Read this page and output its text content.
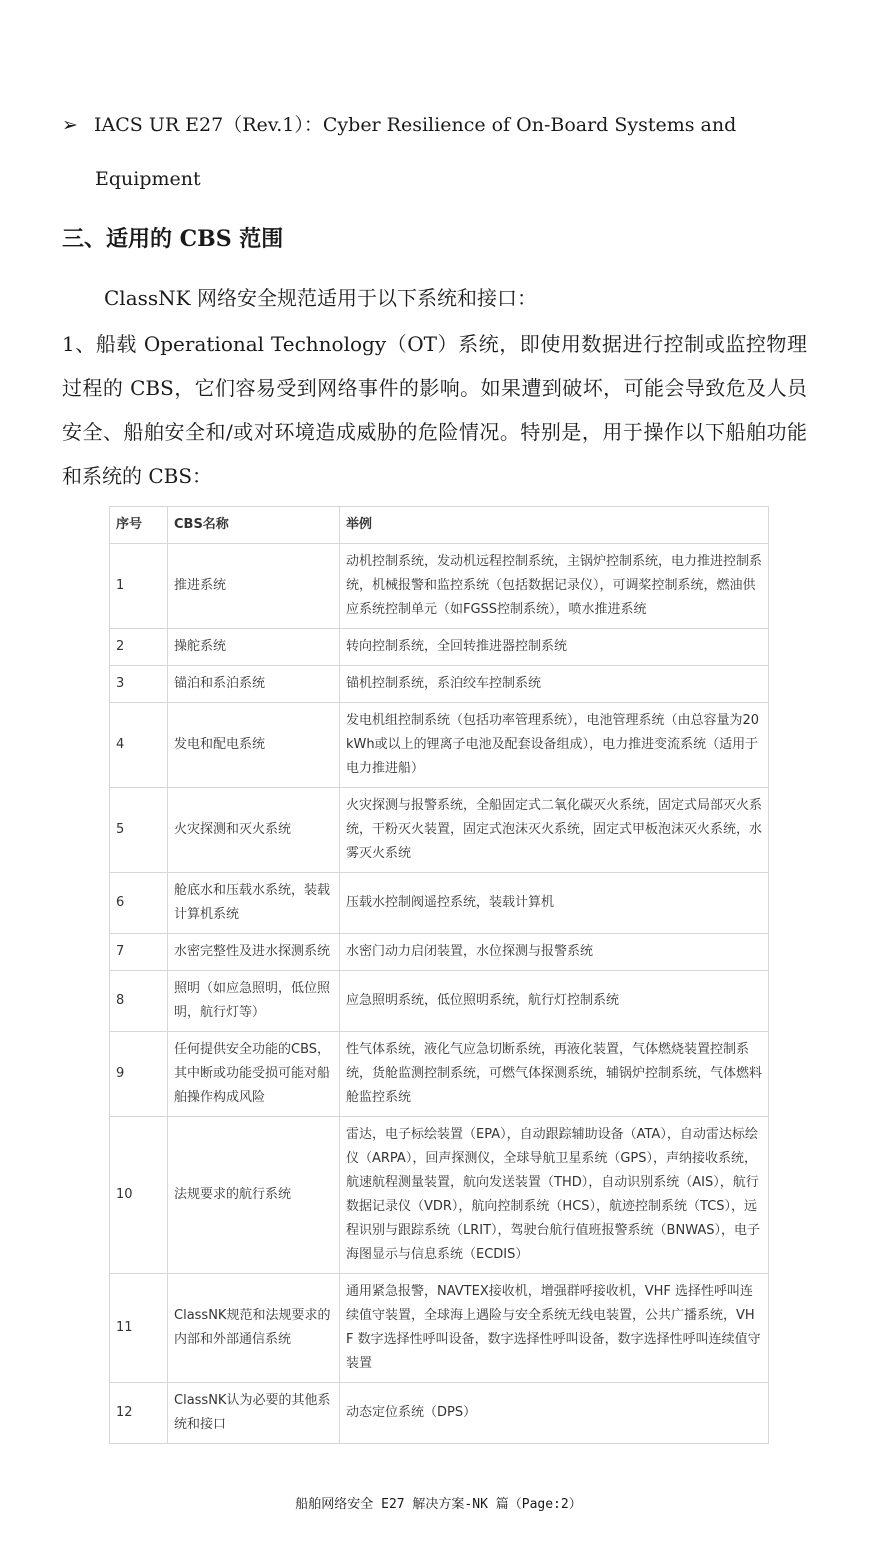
➢ IACS UR E27（Rev.1）：Cyber Resilience of On-Board Systems and
Equipment
三、适用的 CBS 范围

ClassNK 网络安全规范适用于以下系统和接口：

1、船载 Operational Technology（OT）系统，即使用数据进行控制或监控物理过程的 CBS，它们容易受到网络事件的影响。如果遭到破坏，可能会导致危及人员安全、船舶安全和/或对环境造成威胁的危险情况。特别是，用于操作以下船舶功能和系统的 CBS：

序号	CBS名称	举例
1	推进系统	动机控制系统，发动机远程控制系统，主锅炉控制系统，电力推进控制系统，机械报警和监控系统（包括数据记录仪），可调桨控制系统，燃油供应系统控制单元（如FGSS控制系统），喷水推进系统
2	操舵系统	转向控制系统，全回转推进器控制系统
3	锚泊和系泊系统	锚机控制系统，系泊绞车控制系统
4	发电和配电系统	发电机组控制系统（包括功率管理系统），电池管理系统（由总容量为20kWh或以上的锂离子电池及配套设备组成），电力推进变流系统（适用于电力推进船）
5	火灾探测和灭火系统	火灾探测与报警系统，全船固定式二氧化碳灭火系统，固定式局部灭火系统，干粉灭火装置，固定式泡沫灭火系统，固定式甲板泡沫灭火系统，水雾灭火系统
6	舱底水和压载水系统，装载计算机系统	压载水控制阀遥控系统，装载计算机
7	水密完整性及进水探测系统	水密门动力启闭装置，水位探测与报警系统
8	照明（如应急照明，低位照明，航行灯等）	应急照明系统，低位照明系统，航行灯控制系统
9	任何提供安全功能的CBS，其中断或功能受损可能对船舶操作构成风险	性气体系统，液化气应急切断系统，再液化装置，气体燃烧装置控制系统，货舱监测控制系统，可燃气体探测系统，辅锅炉控制系统，气体燃料舱监控系统
10	法规要求的航行系统	雷达，电子标绘装置（EPA），自动跟踪辅助设备（ATA），自动雷达标绘仪（ARPA），回声探测仪，全球导航卫星系统（GPS），声纳接收系统，航速航程测量装置，航向发送装置（THD），自动识别系统（AIS），航行数据记录仪（VDR），航向控制系统（HCS），航迹控制系统（TCS），远程识别与跟踪系统（LRIT），驾驶台航行值班报警系统（BNWAS），电子海图显示与信息系统（ECDIS）
11	ClassNK规范和法规要求的内部和外部通信系统	通用紧急报警，NAVTEX接收机，增强群呼接收机，VHF 选择性呼叫连续值守装置，全球海上遇险与安全系统无线电装置，公共广播系统，VHF 数字选择性呼叫设备，数字选择性呼叫设备，数字选择性呼叫连续值守装置
12	ClassNK认为必要的其他系统和接口	动态定位系统（DPS）
船舶网络安全 E27 解决方案-NK 篇（Page:2）
